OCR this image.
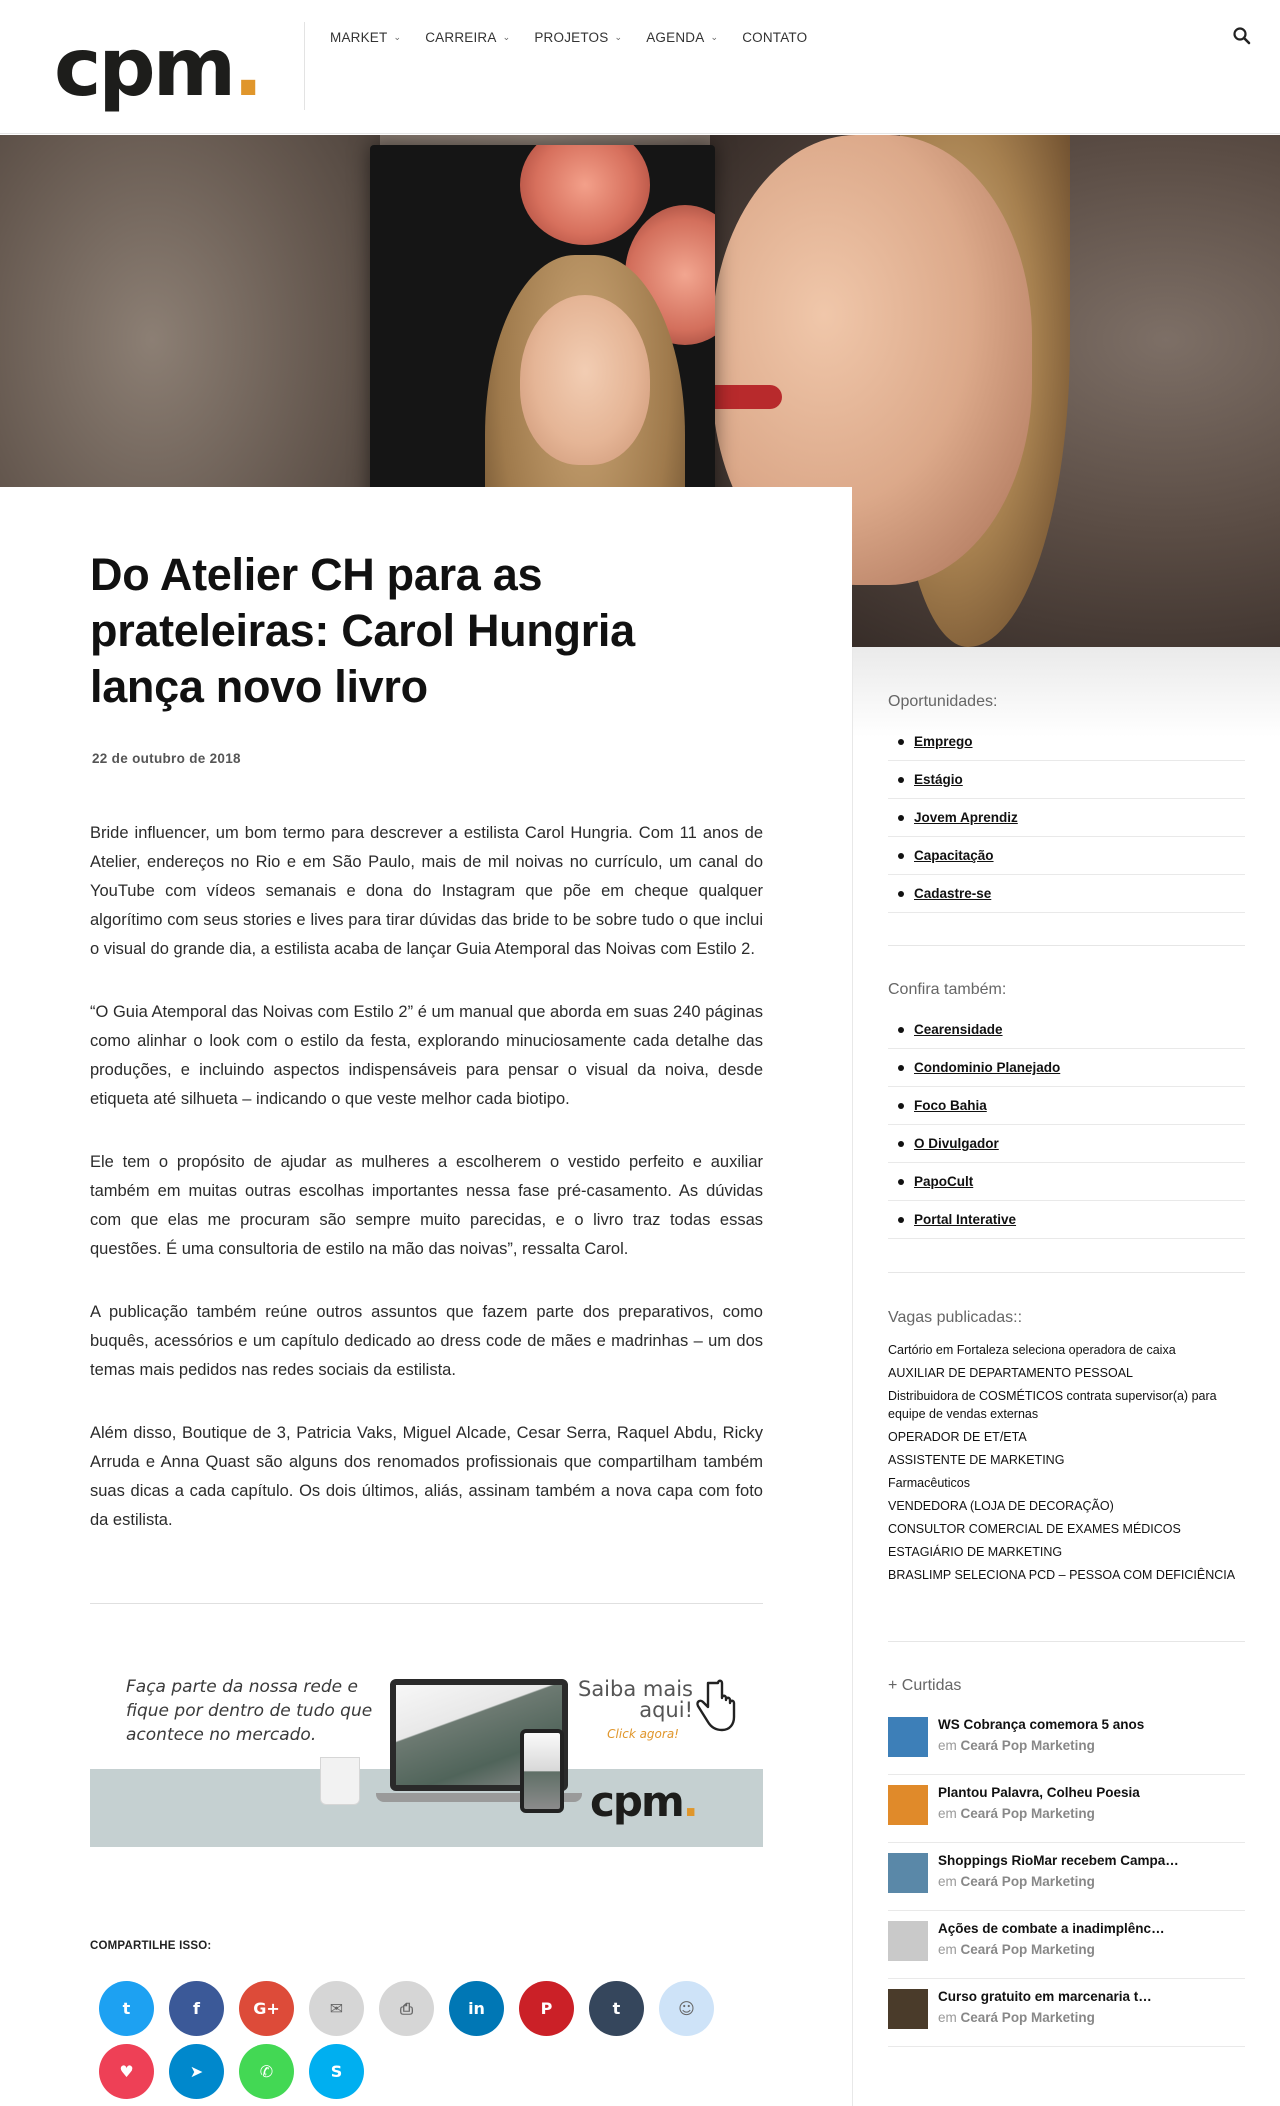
cpm.	MARKET ⌄ CARREIRA ⌄ PROJETOS ⌄ AGENDA ⌄ CONTATO
Do Atelier CH para as prateleiras: Carol Hungria lança novo livro
22 de outubro de 2018

Bride influencer, um bom termo para descrever a estilista Carol Hungria. Com 11 anos de Atelier, endereços no Rio e em São Paulo, mais de mil noivas no currículo, um canal do YouTube com vídeos semanais e dona do Instagram que põe em cheque qualquer algorítimo com seus stories e lives para tirar dúvidas das bride to be sobre tudo o que inclui o visual do grande dia, a estilista acaba de lançar Guia Atemporal das Noivas com Estilo 2.

“O Guia Atemporal das Noivas com Estilo 2” é um manual que aborda em suas 240 páginas como alinhar o look com o estilo da festa, explorando minuciosamente cada detalhe das produções, e incluindo aspectos indispensáveis para pensar o visual da noiva, desde etiqueta até silhueta – indicando o que veste melhor cada biotipo.

Ele tem o propósito de ajudar as mulheres a escolherem o vestido perfeito e auxiliar também em muitas outras escolhas importantes nessa fase pré-casamento. As dúvidas com que elas me procuram são sempre muito parecidas, e o livro traz todas essas questões. É uma consultoria de estilo na mão das noivas”, ressalta Carol.

A publicação também reúne outros assuntos que fazem parte dos preparativos, como buquês, acessórios e um capítulo dedicado ao dress code de mães e madrinhas – um dos temas mais pedidos nas redes sociais da estilista.

Além disso, Boutique de 3, Patricia Vaks, Miguel Alcade, Cesar Serra, Raquel Abdu, Ricky Arruda e Anna Quast são alguns dos renomados profissionais que compartilham também suas dicas a cada capítulo. Os dois últimos, aliás, assinam também a nova capa com foto da estilista.

Faça parte da nossa rede e fique por dentro de tudo que acontece no mercado.
Saiba mais aqui!
Click agora!
cpm.
COMPARTILHE ISSO:
t	f	G+	✉	⎙	in	P	t	☺
♥	➤	✆	S
Oportunidades:
Emprego
Estágio
Jovem Aprendiz
Capacitação
Cadastre-se
Confira também:
Cearensidade
Condominio Planejado
Foco Bahia
O Divulgador
PapoCult
Portal Interative
Vagas publicadas::
Cartório em Fortaleza seleciona operadora de caixa
AUXILIAR DE DEPARTAMENTO PESSOAL
Distribuidora de COSMÉTICOS contrata supervisor(a) para equipe de vendas externas
OPERADOR DE ET/ETA
ASSISTENTE DE MARKETING
Farmacêuticos
VENDEDORA (LOJA DE DECORAÇÃO)
CONSULTOR COMERCIAL DE EXAMES MÉDICOS
ESTAGIÁRIO DE MARKETING
BRASLIMP SELECIONA PCD – PESSOA COM DEFICIÊNCIA
+ Curtidas
WS Cobrança comemora 5 anos
em Ceará Pop Marketing
Plantou Palavra, Colheu Poesia
em Ceará Pop Marketing
Shoppings RioMar recebem Campa…
em Ceará Pop Marketing
Ações de combate a inadimplênc…
em Ceará Pop Marketing
Curso gratuito em marcenaria t…
em Ceará Pop Marketing
